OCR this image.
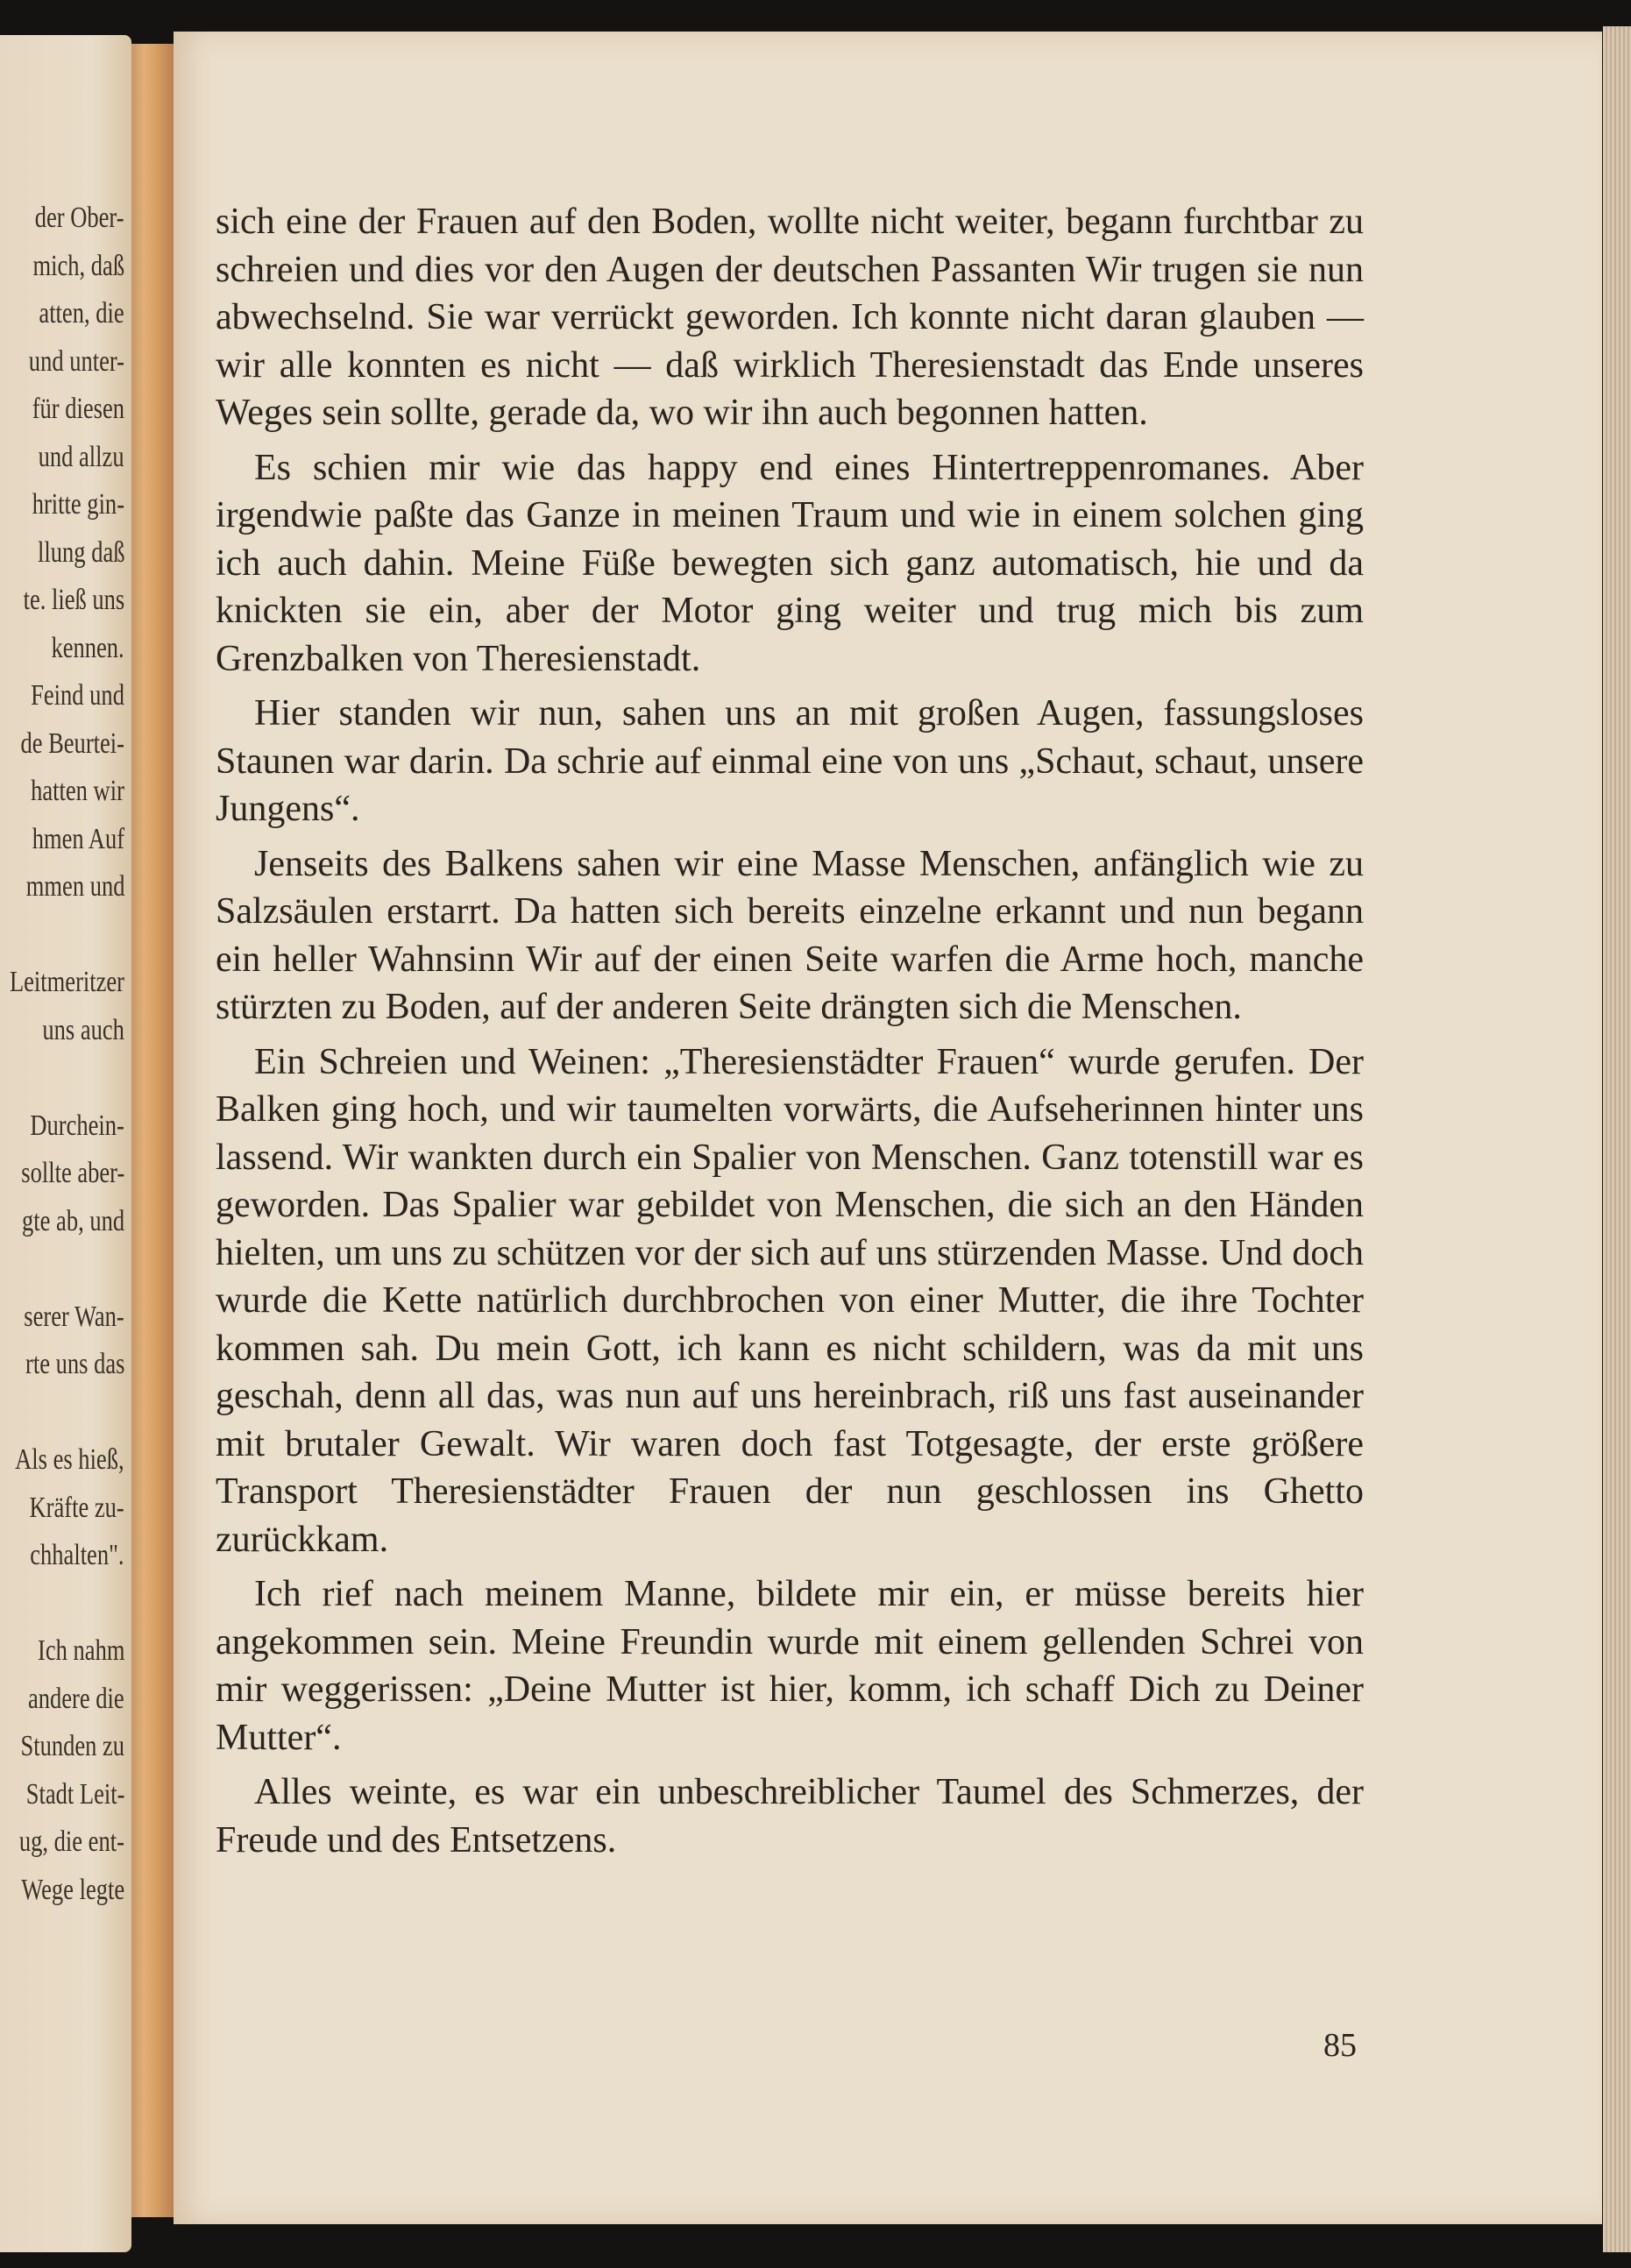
der Ober-
mich, daß
atten, die
und unter-
für diesen
und allzu
hritte gin-
llung daß
te. ließ uns
kennen.
Feind und
de Beurtei-
hatten wir
hmen Auf
mmen und
Leitmeritzer
uns auch
Durchein-
sollte aber-
gte ab, und
serer Wan-
rte uns das
Als es hieß,
Kräfte zu-
chhalten".
Ich nahm
andere die
Stunden zu
Stadt Leit-
ug, die ent-
Wege legte

sich eine der Frauen auf den Boden, wollte nicht weiter, begann furchtbar zu schreien und dies vor den Augen der deutschen Passanten Wir trugen sie nun abwechselnd. Sie war verrückt geworden. Ich konnte nicht daran glauben — wir alle konnten es nicht — daß wirklich Theresienstadt das Ende unseres Weges sein sollte, gerade da, wo wir ihn auch begonnen hatten.

Es schien mir wie das happy end eines Hintertreppenromanes. Aber irgendwie paßte das Ganze in meinen Traum und wie in einem solchen ging ich auch dahin. Meine Füße bewegten sich ganz automatisch, hie und da knickten sie ein, aber der Motor ging weiter und trug mich bis zum Grenzbalken von Theresienstadt.

Hier standen wir nun, sahen uns an mit großen Augen, fassungsloses Staunen war darin. Da schrie auf einmal eine von uns „Schaut, schaut, unsere Jungens“.

Jenseits des Balkens sahen wir eine Masse Menschen, anfänglich wie zu Salzsäulen erstarrt. Da hatten sich bereits einzelne erkannt und nun begann ein heller Wahnsinn Wir auf der einen Seite warfen die Arme hoch, manche stürzten zu Boden, auf der anderen Seite drängten sich die Menschen.

Ein Schreien und Weinen: „Theresienstädter Frauen“ wurde gerufen. Der Balken ging hoch, und wir taumelten vorwärts, die Aufseherinnen hinter uns lassend. Wir wankten durch ein Spalier von Menschen. Ganz totenstill war es geworden. Das Spalier war gebildet von Menschen, die sich an den Händen hielten, um uns zu schützen vor der sich auf uns stürzenden Masse. Und doch wurde die Kette natürlich durchbrochen von einer Mutter, die ihre Tochter kommen sah. Du mein Gott, ich kann es nicht schildern, was da mit uns geschah, denn all das, was nun auf uns hereinbrach, riß uns fast auseinander mit brutaler Gewalt. Wir waren doch fast Totgesagte, der erste größere Transport Theresienstädter Frauen der nun geschlossen ins Ghetto zurückkam.

Ich rief nach meinem Manne, bildete mir ein, er müsse bereits hier angekommen sein. Meine Freundin wurde mit einem gellenden Schrei von mir weggerissen: „Deine Mutter ist hier, komm, ich schaff Dich zu Deiner Mutter“.

Alles weinte, es war ein unbeschreiblicher Taumel des Schmerzes, der Freude und des Entsetzens.

85
